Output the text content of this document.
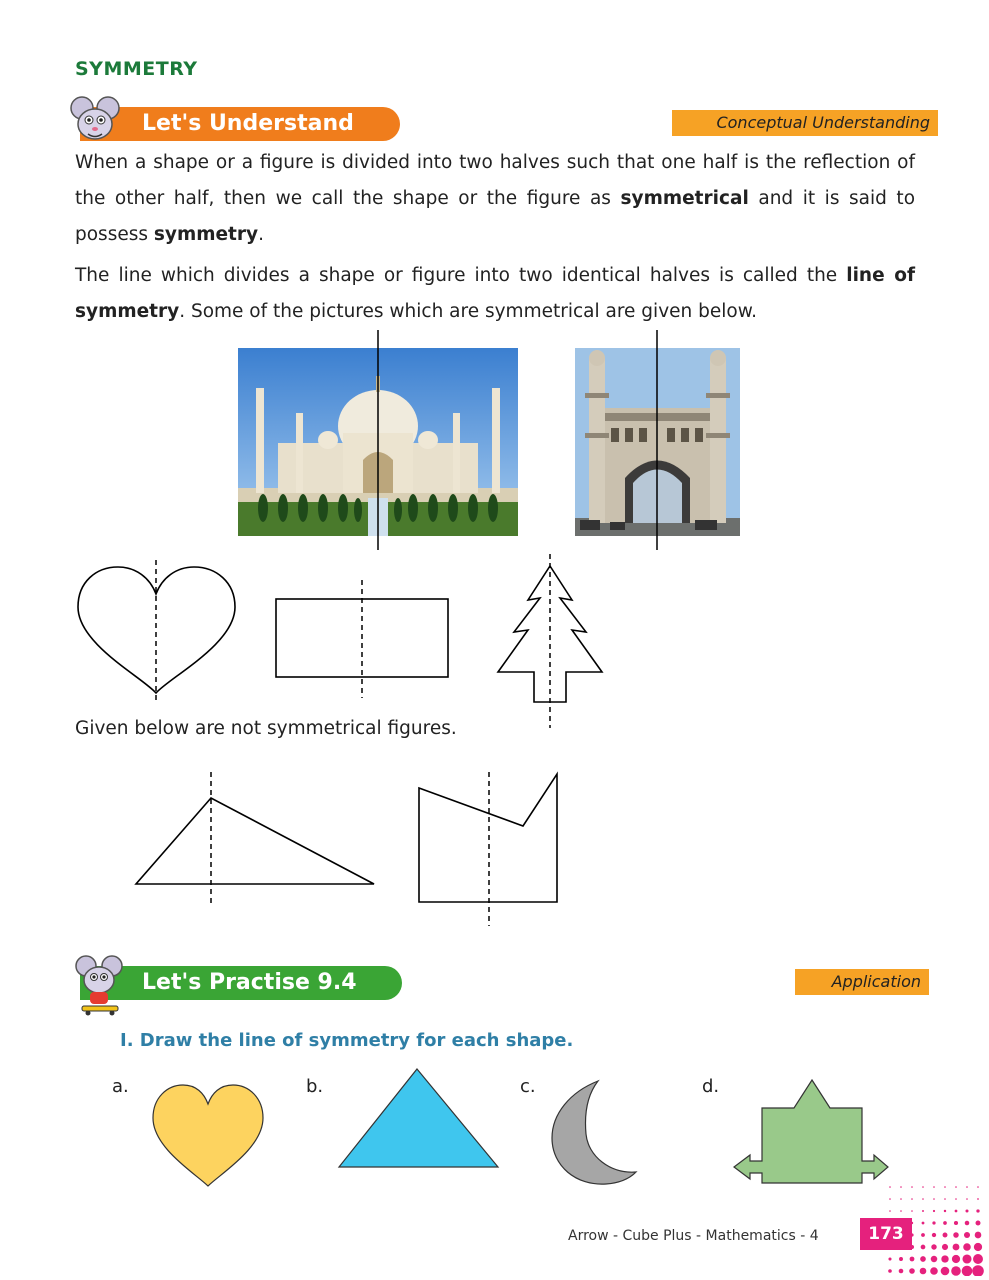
SYMMETRY
Let's Understand	Conceptual Understanding
When a shape or a figure is divided into two halves such that one half is the reflection of the other half, then we call the shape or the figure as symmetrical and it is said to possess symmetry.
The line which divides a shape or figure into two identical halves is called the line of symmetry. Some of the pictures which are symmetrical are given below.
Given below are not symmetrical figures.
Let's Practise 9.4	Application
I. Draw the line of symmetry for each shape.
a.	b.	c.	d.
Arrow - Cube Plus - Mathematics - 4	173
